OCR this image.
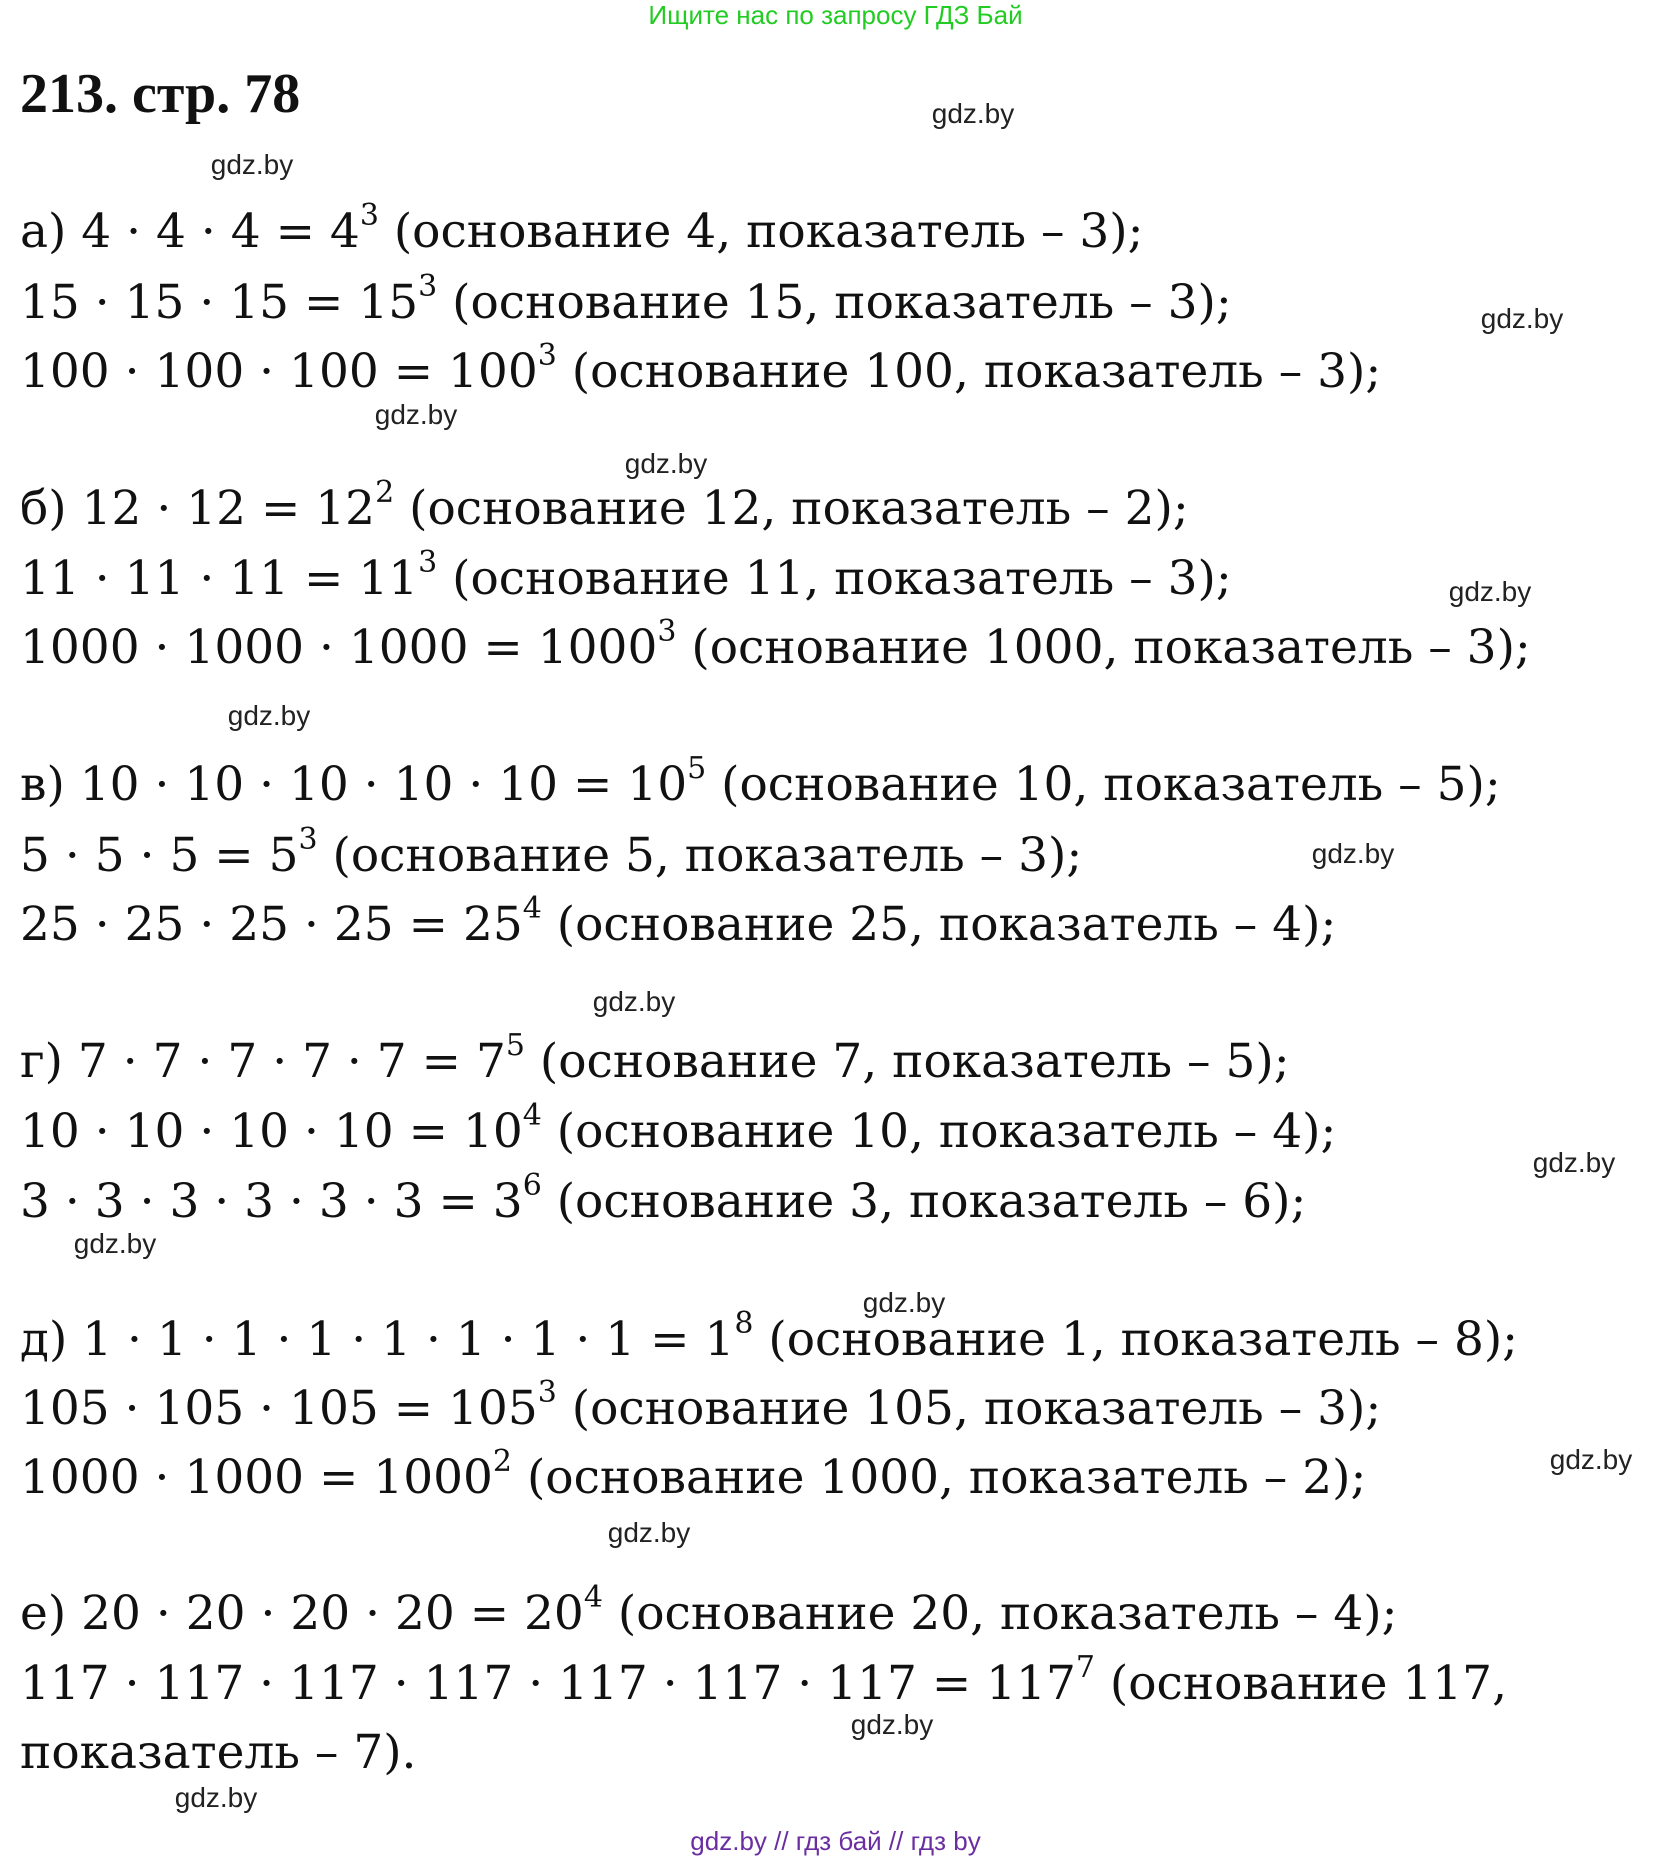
Ищите нас по запросу ГДЗ Бай
213. стр. 78
а) $4 \cdot 4 \cdot 4 = 4^3$ (основание 4, показатель – 3);
$15 \cdot 15 \cdot 15 = 15^3$ (основание 15, показатель – 3);
$100 \cdot 100 \cdot 100 = 100^3$ (основание 100, показатель – 3);
б) $12 \cdot 12 = 12^2$ (основание 12, показатель – 2);
$11 \cdot 11 \cdot 11 = 11^3$ (основание 11, показатель – 3);
$1000 \cdot 1000 \cdot 1000 = 1000^3$ (основание 1000, показатель – 3);
в) $10 \cdot 10 \cdot 10 \cdot 10 \cdot 10 = 10^5$ (основание 10, показатель – 5);
$5 \cdot 5 \cdot 5 = 5^3$ (основание 5, показатель – 3);
$25 \cdot 25 \cdot 25 \cdot 25 = 25^4$ (основание 25, показатель – 4);
г) $7 \cdot 7 \cdot 7 \cdot 7 \cdot 7 = 7^5$ (основание 7, показатель – 5);
$10 \cdot 10 \cdot 10 \cdot 10 = 10^4$ (основание 10, показатель – 4);
$3 \cdot 3 \cdot 3 \cdot 3 \cdot 3 \cdot 3 = 3^6$ (основание 3, показатель – 6);
д) $1 \cdot 1 \cdot 1 \cdot 1 \cdot 1 \cdot 1 \cdot 1 \cdot 1 = 1^8$ (основание 1, показатель – 8);
$105 \cdot 105 \cdot 105 = 105^3$ (основание 105, показатель – 3);
$1000 \cdot 1000 = 1000^2$ (основание 1000, показатель – 2);
е) $20 \cdot 20 \cdot 20 \cdot 20 = 20^4$ (основание 20, показатель – 4);
$117 \cdot 117 \cdot 117 \cdot 117 \cdot 117 \cdot 117 \cdot 117 = 117^7$ (основание 117,
показатель – 7).
gdz.by
gdz.by
gdz.by
gdz.by
gdz.by
gdz.by
gdz.by
gdz.by
gdz.by
gdz.by
gdz.by
gdz.by
gdz.by
gdz.by
gdz.by
gdz.by
gdz.by // гдз бай // гдз by
